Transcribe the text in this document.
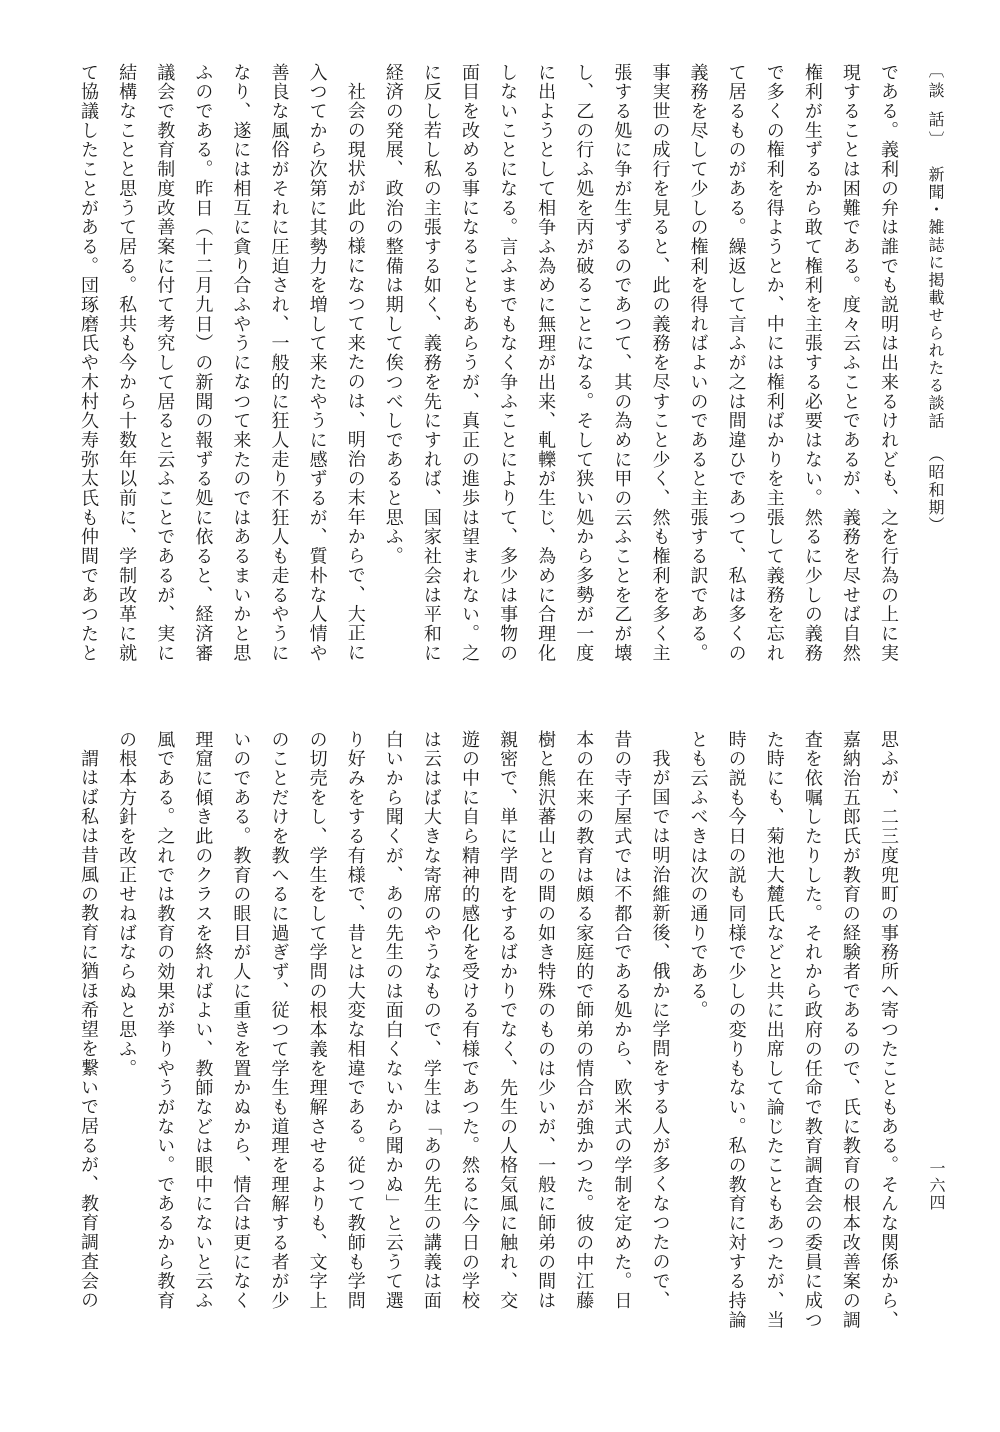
〔談 話〕 新聞・雑誌に掲載せられたる談話 （昭和期）
一六四
である。義利の弁は誰でも説明は出来るけれども、之を行為の上に実
現することは困難である。度々云ふことであるが、義務を尽せば自然
権利が生ずるから敢て権利を主張する必要はない。然るに少しの義務
で多くの権利を得ようとか、中には権利ばかりを主張して義務を忘れ
て居るものがある。繰返して言ふが之は間違ひであつて、私は多くの
義務を尽して少しの権利を得ればよいのであると主張する訳である。
事実世の成行を見ると、此の義務を尽すこと少く、然も権利を多く主
張する処に争が生ずるのであつて、其の為めに甲の云ふことを乙が壊
し、乙の行ふ処を丙が破ることになる。そして狭い処から多勢が一度
に出ようとして相争ふ為めに無理が出来、軋轢が生じ、為めに合理化
しないことになる。言ふまでもなく争ふことによりて、多少は事物の
面目を改める事になることもあらうが、真正の進歩は望まれない。之
に反し若し私の主張する如く、義務を先にすれば、国家社会は平和に
経済の発展、政治の整備は期して俟つべしであると思ふ。
社会の現状が此の様になつて来たのは、明治の末年からで、大正に
入つてから次第に其勢力を増して来たやうに感ずるが、質朴な人情や
善良な風俗がそれに圧迫され、一般的に狂人走り不狂人も走るやうに
なり、遂には相互に貪り合ふやうになつて来たのではあるまいかと思
ふのである。昨日（十二月九日）の新聞の報ずる処に依ると、経済審
議会で教育制度改善案に付て考究して居ると云ふことであるが、実に
結構なことと思うて居る。私共も今から十数年以前に、学制改革に就
て協議したことがある。団琢磨氏や木村久寿弥太氏も仲間であつたと
思ふが、二三度兜町の事務所へ寄つたこともある。そんな関係から、
嘉納治五郎氏が教育の経験者であるので、氏に教育の根本改善案の調
査を依嘱したりした。それから政府の任命で教育調査会の委員に成つ
た時にも、菊池大麓氏などと共に出席して論じたこともあつたが、当
時の説も今日の説も同様で少しの変りもない。私の教育に対する持論
とも云ふべきは次の通りである。
我が国では明治維新後、俄かに学問をする人が多くなつたので、
昔の寺子屋式では不都合である処から、欧米式の学制を定めた。日
本の在来の教育は頗る家庭的で師弟の情合が強かつた。彼の中江藤
樹と熊沢蕃山との間の如き特殊のものは少いが、一般に師弟の間は
親密で、単に学問をするばかりでなく、先生の人格気風に触れ、交
遊の中に自ら精神的感化を受ける有様であつた。然るに今日の学校
は云はば大きな寄席のやうなもので、学生は「あの先生の講義は面
白いから聞くが、あの先生のは面白くないから聞かぬ」と云うて選
り好みをする有様で、昔とは大変な相違である。従つて教師も学問
の切売をし、学生をして学問の根本義を理解させるよりも、文字上
のことだけを教へるに過ぎず、従つて学生も道理を理解する者が少
いのである。教育の眼目が人に重きを置かぬから、情合は更になく
理窟に傾き此のクラスを終ればよい、教師などは眼中にないと云ふ
風である。之れでは教育の効果が挙りやうがない。であるから教育
の根本方針を改正せねばならぬと思ふ。
謂はば私は昔風の教育に猶ほ希望を繋いで居るが、教育調査会の
